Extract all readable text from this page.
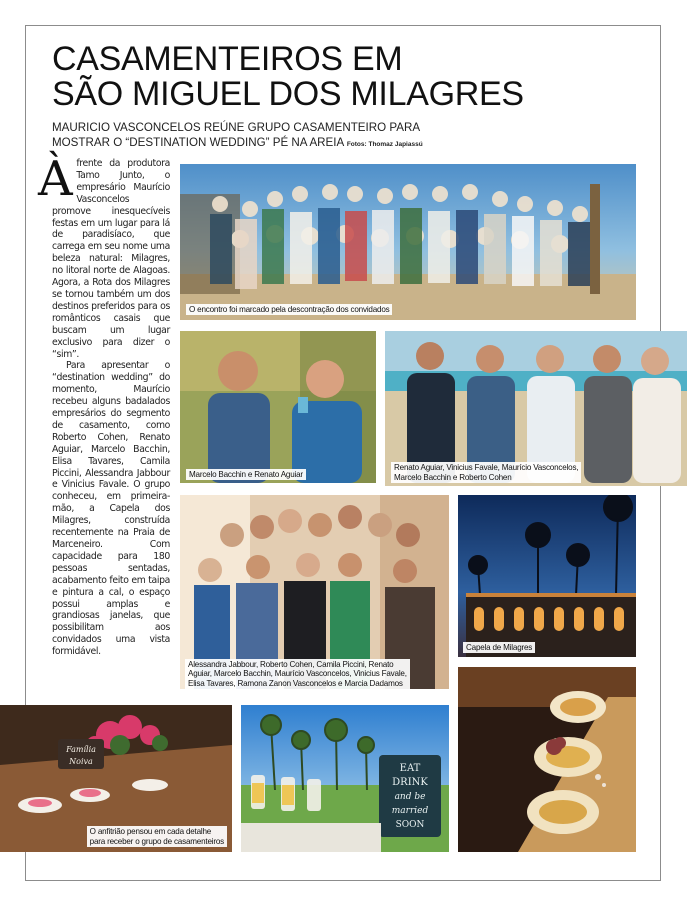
CASAMENTEIROS EM
SÃO MIGUEL DOS MILAGRES
MAURICIO VASCONCELOS REÚNE GRUPO CASAMENTEIRO PARA
MOSTRAR O “DESTINATION WEDDING” PÉ NA AREIA Fotos: Thomaz Japiassú

Àfrente da produtora Tamo Junto, o empresário Maurício Vasconcelos promove inesquecíveis festas em um lugar para lá de paradisíaco, que carrega em seu nome uma beleza natural: Milagres, no litoral norte de Alagoas. Agora, a Rota dos Milagres se tornou também um dos destinos preferidos para os românticos casais que buscam um lugar exclusivo para dizer o “sim”.

Para apresentar o “destination wedding” do momento, Maurício recebeu alguns badalados empresários do segmento de casamento, como Roberto Cohen, Renato Aguiar, Marcelo Bacchin, Elisa Tavares, Camila Piccini, Alessandra Jabbour e Vinicius Favale. O grupo conheceu, em primeira-mão, a Capela dos Milagres, construída recentemente na Praia de Marceneiro. Com capacidade para 180 pessoas sentadas, acabamento feito em taipa e pintura a cal, o espaço possui amplas e grandiosas janelas, que possibilitam aos convidados uma vista formidável.

O encontro foi marcado pela descontração dos convidados
Marcelo Bacchin e Renato Aguiar
Renato Aguiar, Vinicius Favale, Maurício Vasconcelos,
Marcelo Bacchin e Roberto Cohen
Alessandra Jabbour, Roberto Cohen, Camila Piccini, Renato
Aguiar, Marcelo Bacchin, Maurício Vasconcelos, Vinicius Favale,
Elisa Tavares, Ramona Zanon Vasconcelos e Marcia Dadamos
Capela de Milagres
Família
Noiva
O anfitrião pensou em cada detalhe
para receber o grupo de casamenteiros
EAT
DRINK
and be
married
SOON
